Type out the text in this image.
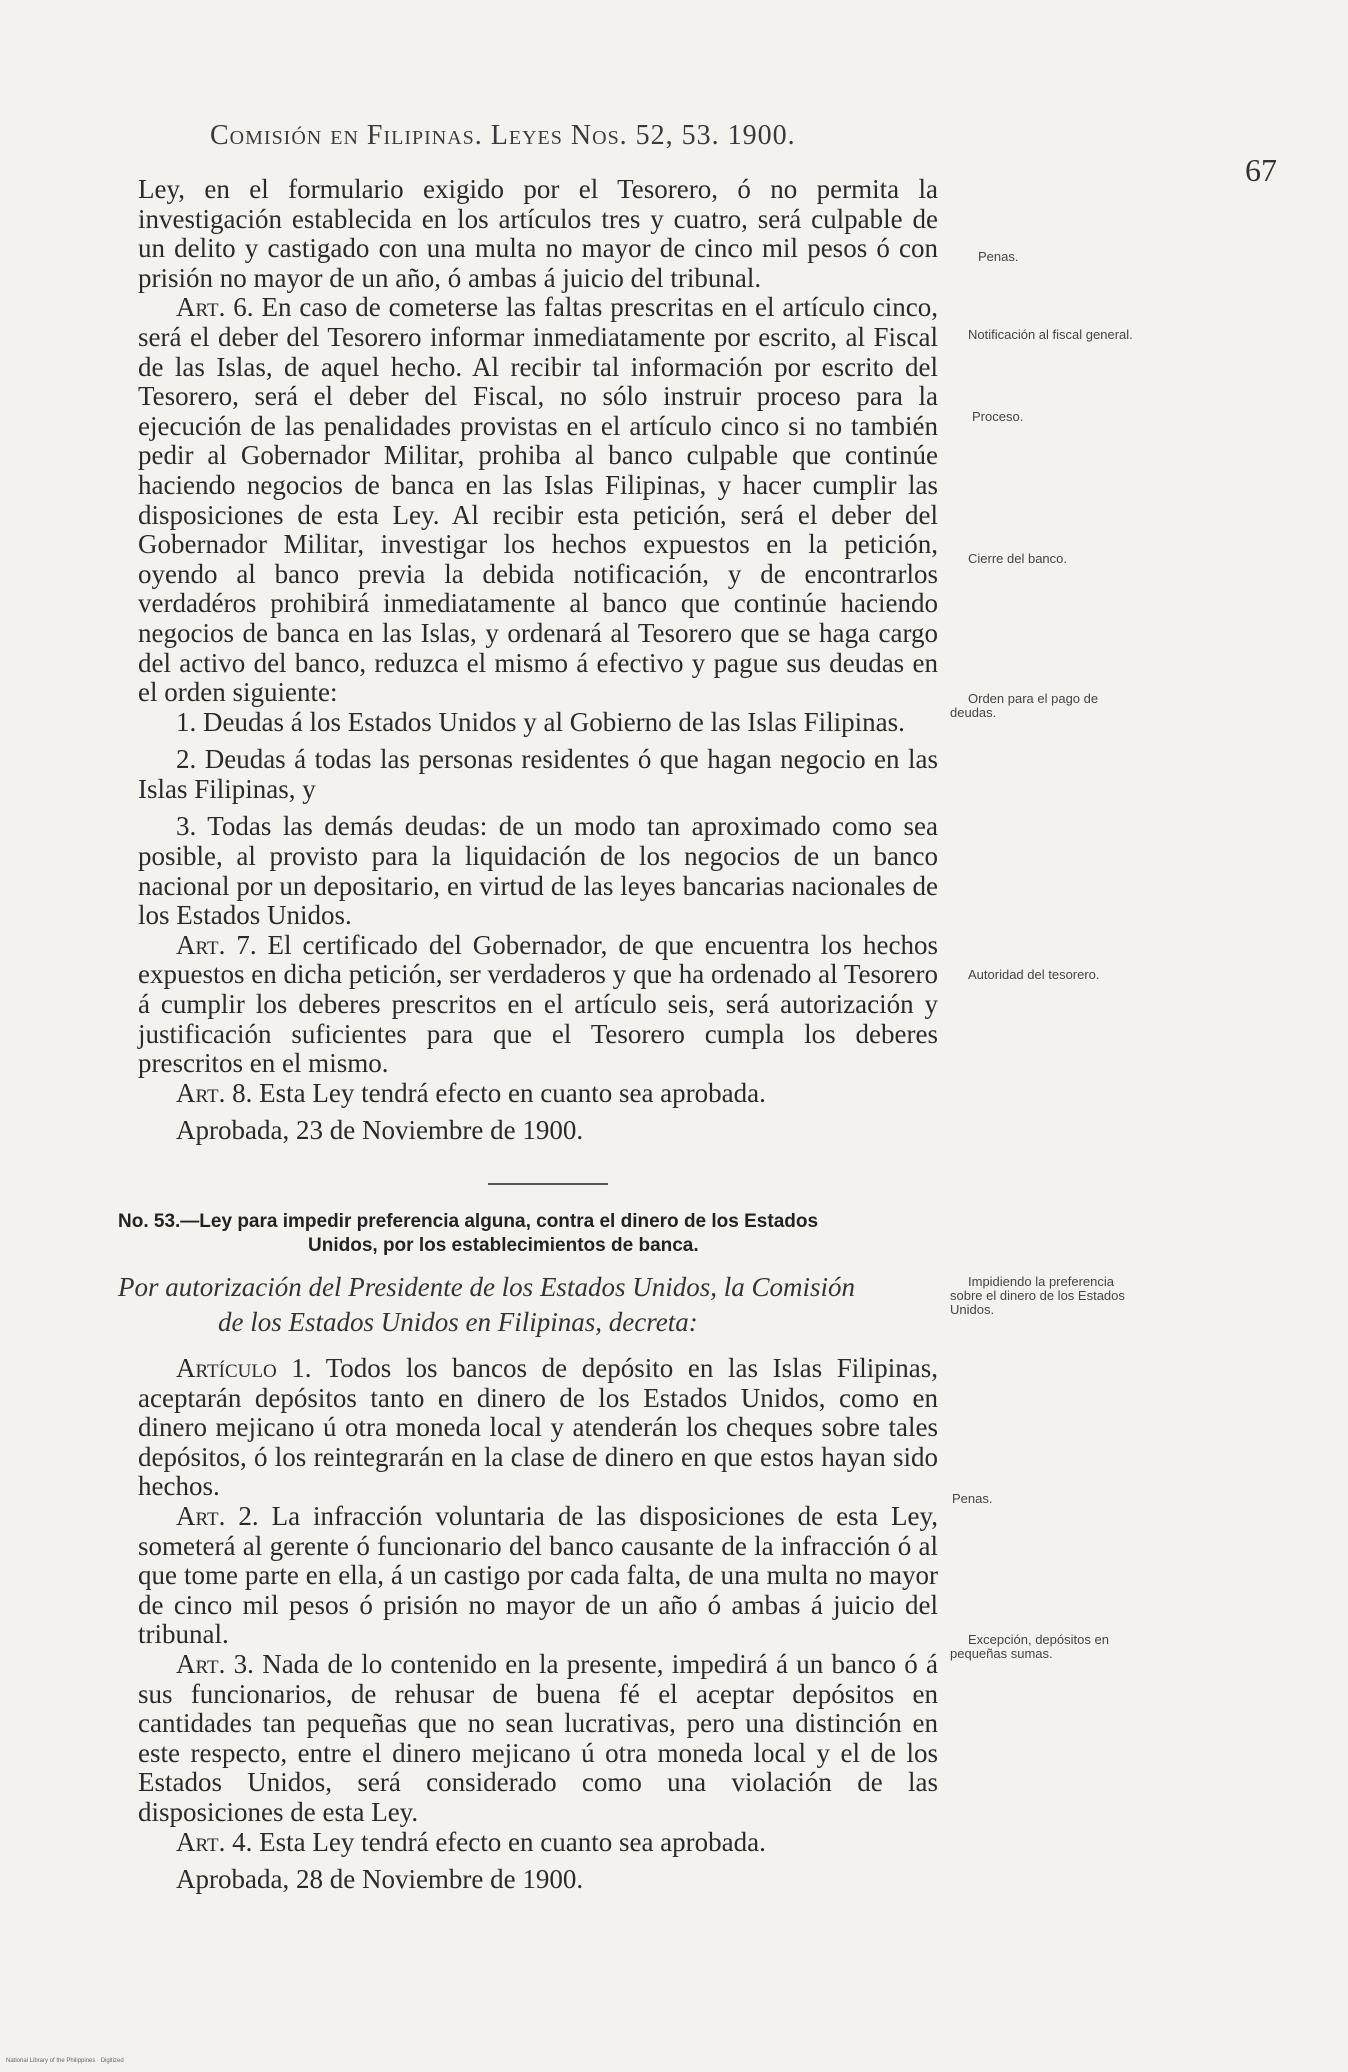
Comisión en Filipinas. Leyes Nos. 52, 53. 1900.
67

Ley, en el formulario exigido por el Tesorero, ó no permita la investigación establecida en los artículos tres y cuatro, será culpable de un delito y castigado con una multa no mayor de cinco mil pesos ó con prisión no mayor de un año, ó ambas á juicio del tribunal.

Art. 6. En caso de cometerse las faltas prescritas en el artículo cinco, será el deber del Tesorero informar inmediatamente por escrito, al Fiscal de las Islas, de aquel hecho. Al recibir tal información por escrito del Tesorero, será el deber del Fiscal, no sólo instruir proceso para la ejecución de las penalidades provistas en el artículo cinco si no también pedir al Gobernador Militar, prohiba al banco culpable que continúe haciendo negocios de banca en las Islas Filipinas, y hacer cumplir las disposiciones de esta Ley. Al recibir esta petición, será el deber del Gobernador Militar, investigar los hechos expuestos en la petición, oyendo al banco previa la debida notificación, y de encontrarlos verdadéros prohibirá inmediatamente al banco que continúe haciendo negocios de banca en las Islas, y ordenará al Tesorero que se haga cargo del activo del banco, reduzca el mismo á efectivo y pague sus deudas en el orden siguiente:

1. Deudas á los Estados Unidos y al Gobierno de las Islas Filipinas.

2. Deudas á todas las personas residentes ó que hagan negocio en las Islas Filipinas, y

3. Todas las demás deudas: de un modo tan aproximado como sea posible, al provisto para la liquidación de los negocios de un banco nacional por un depositario, en virtud de las leyes bancarias nacionales de los Estados Unidos.

Art. 7. El certificado del Gobernador, de que encuentra los hechos expuestos en dicha petición, ser verdaderos y que ha ordenado al Tesorero á cumplir los deberes prescritos en el artículo seis, será autorización y justificación suficientes para que el Tesorero cumpla los deberes prescritos en el mismo.

Art. 8. Esta Ley tendrá efecto en cuanto sea aprobada.

Aprobada, 23 de Noviembre de 1900.

No. 53.—Ley para impedir preferencia alguna, contra el dinero de los Estados
Unidos, por los establecimientos de banca.
Por autorización del Presidente de los Estados Unidos, la Comisión
de los Estados Unidos en Filipinas, decreta:

Artículo 1. Todos los bancos de depósito en las Islas Filipinas, aceptarán depósitos tanto en dinero de los Estados Unidos, como en dinero mejicano ú otra moneda local y atenderán los cheques sobre tales depósitos, ó los reintegrarán en la clase de dinero en que estos hayan sido hechos.

Art. 2. La infracción voluntaria de las disposiciones de esta Ley, someterá al gerente ó funcionario del banco causante de la infracción ó al que tome parte en ella, á un castigo por cada falta, de una multa no mayor de cinco mil pesos ó prisión no mayor de un año ó ambas á juicio del tribunal.

Art. 3. Nada de lo contenido en la presente, impedirá á un banco ó á sus funcionarios, de rehusar de buena fé el aceptar depósitos en cantidades tan pequeñas que no sean lucrativas, pero una distinción en este respecto, entre el dinero mejicano ú otra moneda local y el de los Estados Unidos, será considerado como una violación de las disposiciones de esta Ley.

Art. 4. Esta Ley tendrá efecto en cuanto sea aprobada.

Aprobada, 28 de Noviembre de 1900.

Penas.
Notificación al fiscal general.
Proceso.
Cierre del banco.
Orden para el pago de deudas.
Autoridad del tesorero.
Impidiendo la preferencia sobre el dinero de los Estados Unidos.
Penas.
Excepción, depósitos en pequeñas sumas.
National Library of the Philippines · Digitized
